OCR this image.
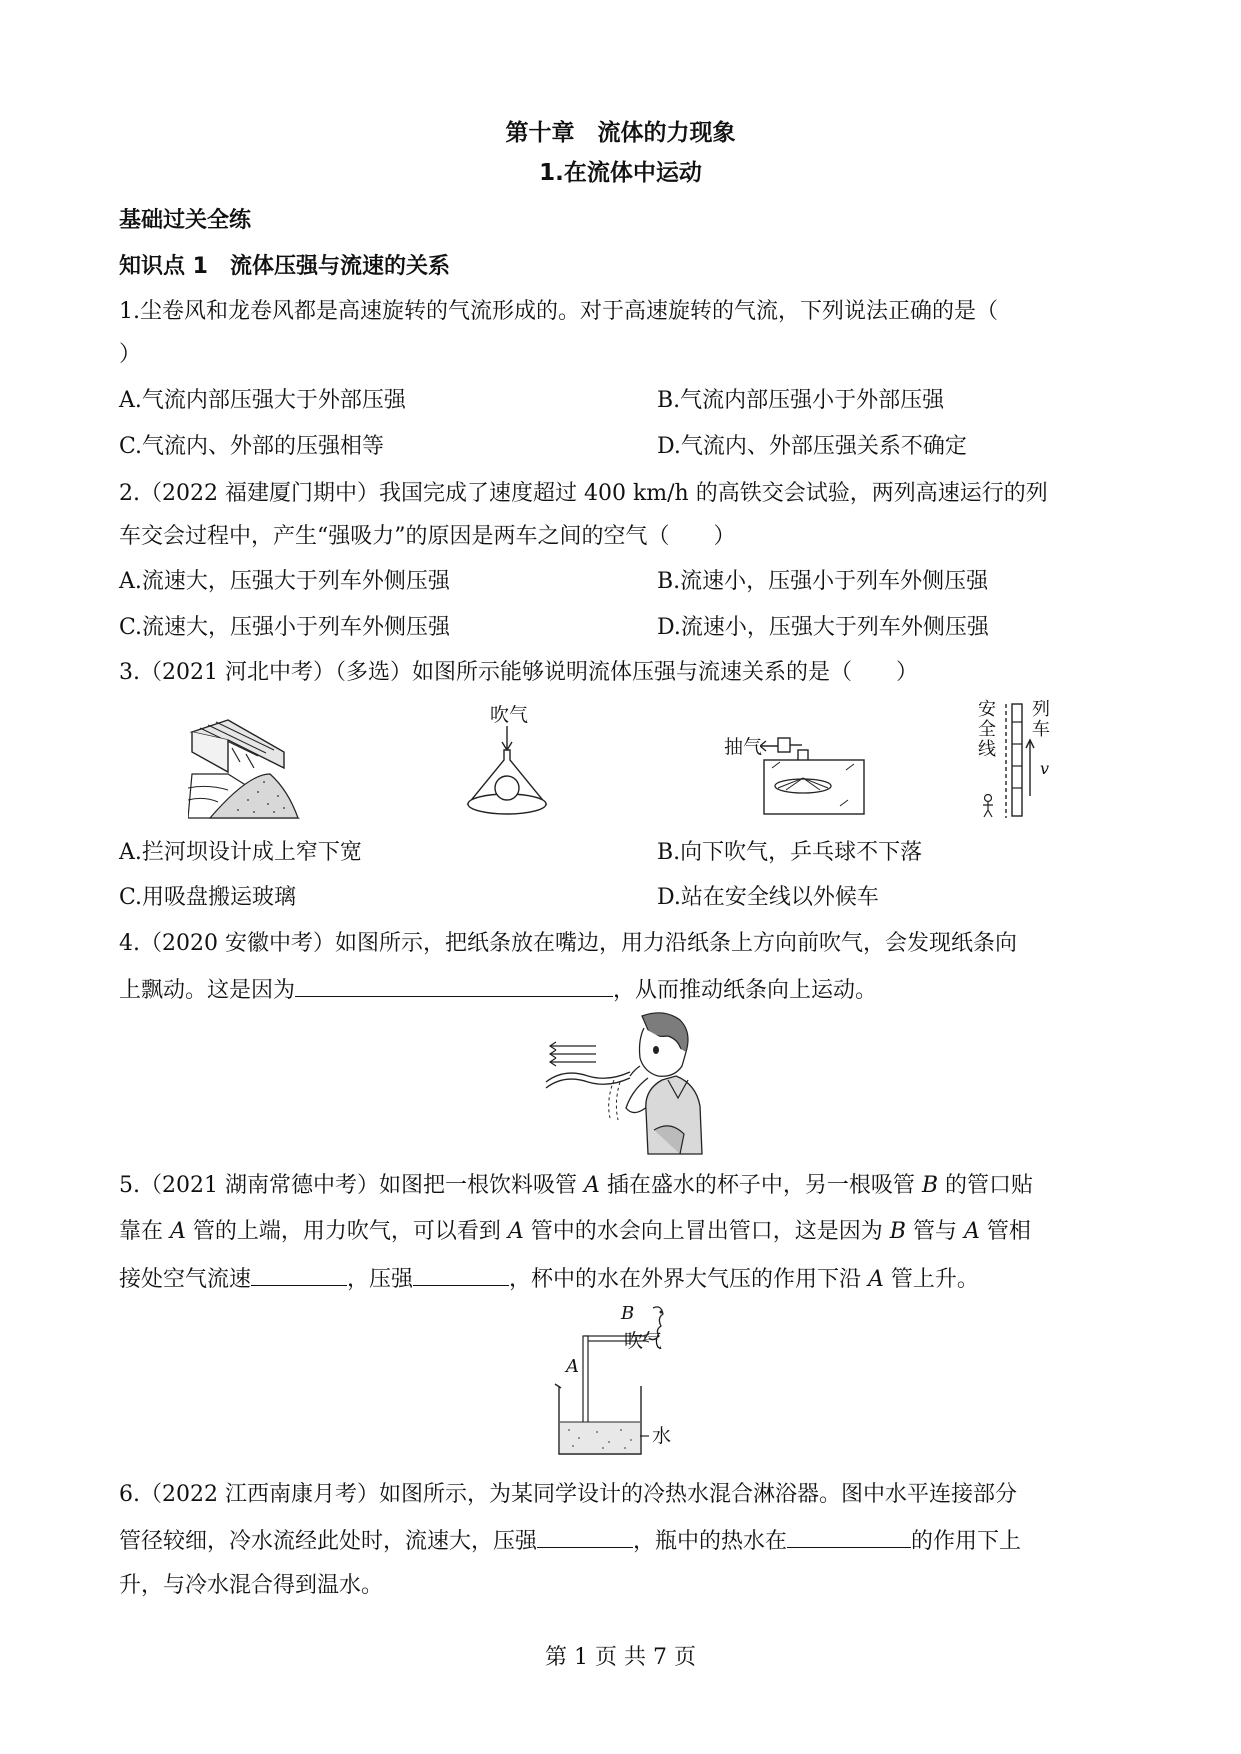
第十章　流体的力现象
1.在流体中运动
基础过关全练
知识点 1　流体压强与流速的关系
1.尘卷风和龙卷风都是高速旋转的气流形成的。对于高速旋转的气流，下列说法正确的是（
）
A.气流内部压强大于外部压强	B.气流内部压强小于外部压强
C.气流内、外部的压强相等	D.气流内、外部压强关系不确定
2.（2022 福建厦门期中）我国完成了速度超过 400 km/h 的高铁交会试验，两列高速运行的列
车交会过程中，产生“强吸力”的原因是两车之间的空气（　　）
A.流速大，压强大于列车外侧压强	B.流速小，压强小于列车外侧压强
C.流速大，压强小于列车外侧压强	D.流速小，压强大于列车外侧压强
3.（2021 河北中考）（多选）如图所示能够说明流体压强与流速关系的是（　　）
吹气
抽气
安全线
列车
v
A.拦河坝设计成上窄下宽	B.向下吹气，乒乓球不下落
C.用吸盘搬运玻璃	D.站在安全线以外候车
4.（2020 安徽中考）如图所示，把纸条放在嘴边，用力沿纸条上方向前吹气，会发现纸条向
上飘动。这是因为	，从而推动纸条向上运动。
5.（2021 湖南常德中考）如图把一根饮料吸管 A 插在盛水的杯子中，另一根吸管 B 的管口贴
靠在 A 管的上端，用力吹气，可以看到 A 管中的水会向上冒出管口，这是因为 B 管与 A 管相
接处空气流速	，压强	，杯中的水在外界大气压的作用下沿 A 管上升。
B
吹气
A
水
6.（2022 江西南康月考）如图所示，为某同学设计的冷热水混合淋浴器。图中水平连接部分
管径较细，冷水流经此处时，流速大，压强	，瓶中的热水在	的作用下上
升，与冷水混合得到温水。
第 1 页 共 7 页
